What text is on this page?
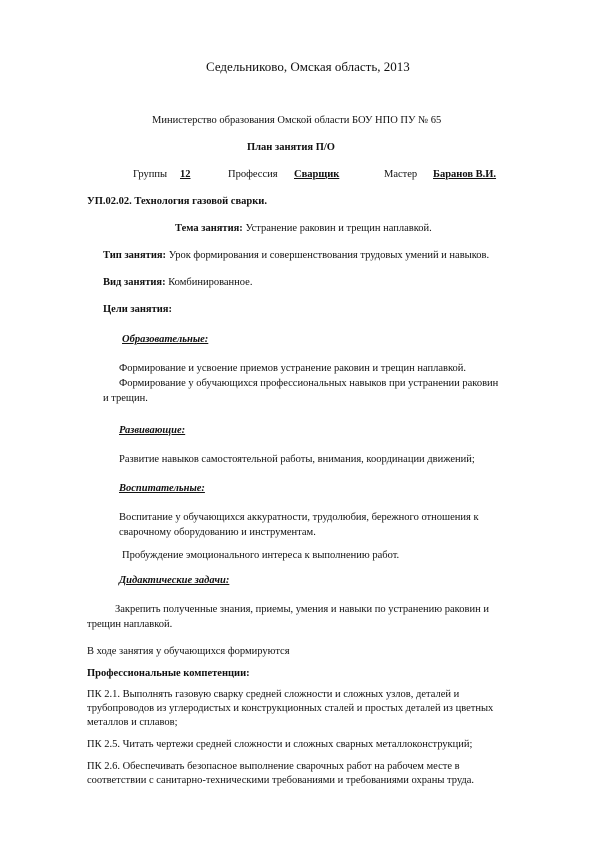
Седельниково, Омская область, 2013
Министерство образования Омской области БОУ НПО ПУ № 65
План занятия П/О
Группы 12	Профессия Сварщик	Мастер Баранов В.И.
УП.02.02. Технология газовой сварки.
Тема занятия: Устранение раковин и трещин наплавкой.
Тип занятия: Урок формирования и совершенствования трудовых умений и навыков.
Вид занятия: Комбинированное.
Цели занятия:
Образовательные:
Формирование и усвоение приемов устранение раковин и трещин наплавкой.
Формирование у обучающихся профессиональных навыков при устранении раковин
и трещин.
Развивающие:
Развитие навыков самостоятельной работы, внимания, координации движений;
Воспитательные:
Воспитание у обучающихся аккуратности, трудолюбия, бережного отношения к
сварочному оборудованию и инструментам.
Пробуждение эмоционального интереса к выполнению работ.
Дидактические задачи:
Закрепить полученные знания, приемы, умения и навыки по устранению раковин и
трещин наплавкой.
В ходе занятия у обучающихся формируются
Профессиональные компетенции:
ПК 2.1. Выполнять газовую сварку средней сложности и сложных узлов, деталей и
трубопроводов из углеродистых и конструкционных сталей и простых деталей из цветных
металлов и сплавов;
ПК 2.5. Читать чертежи средней сложности и сложных сварных металлоконструкций;
ПК 2.6. Обеспечивать безопасное выполнение сварочных работ на рабочем месте в
соответствии с санитарно-техническими требованиями и требованиями охраны труда.
